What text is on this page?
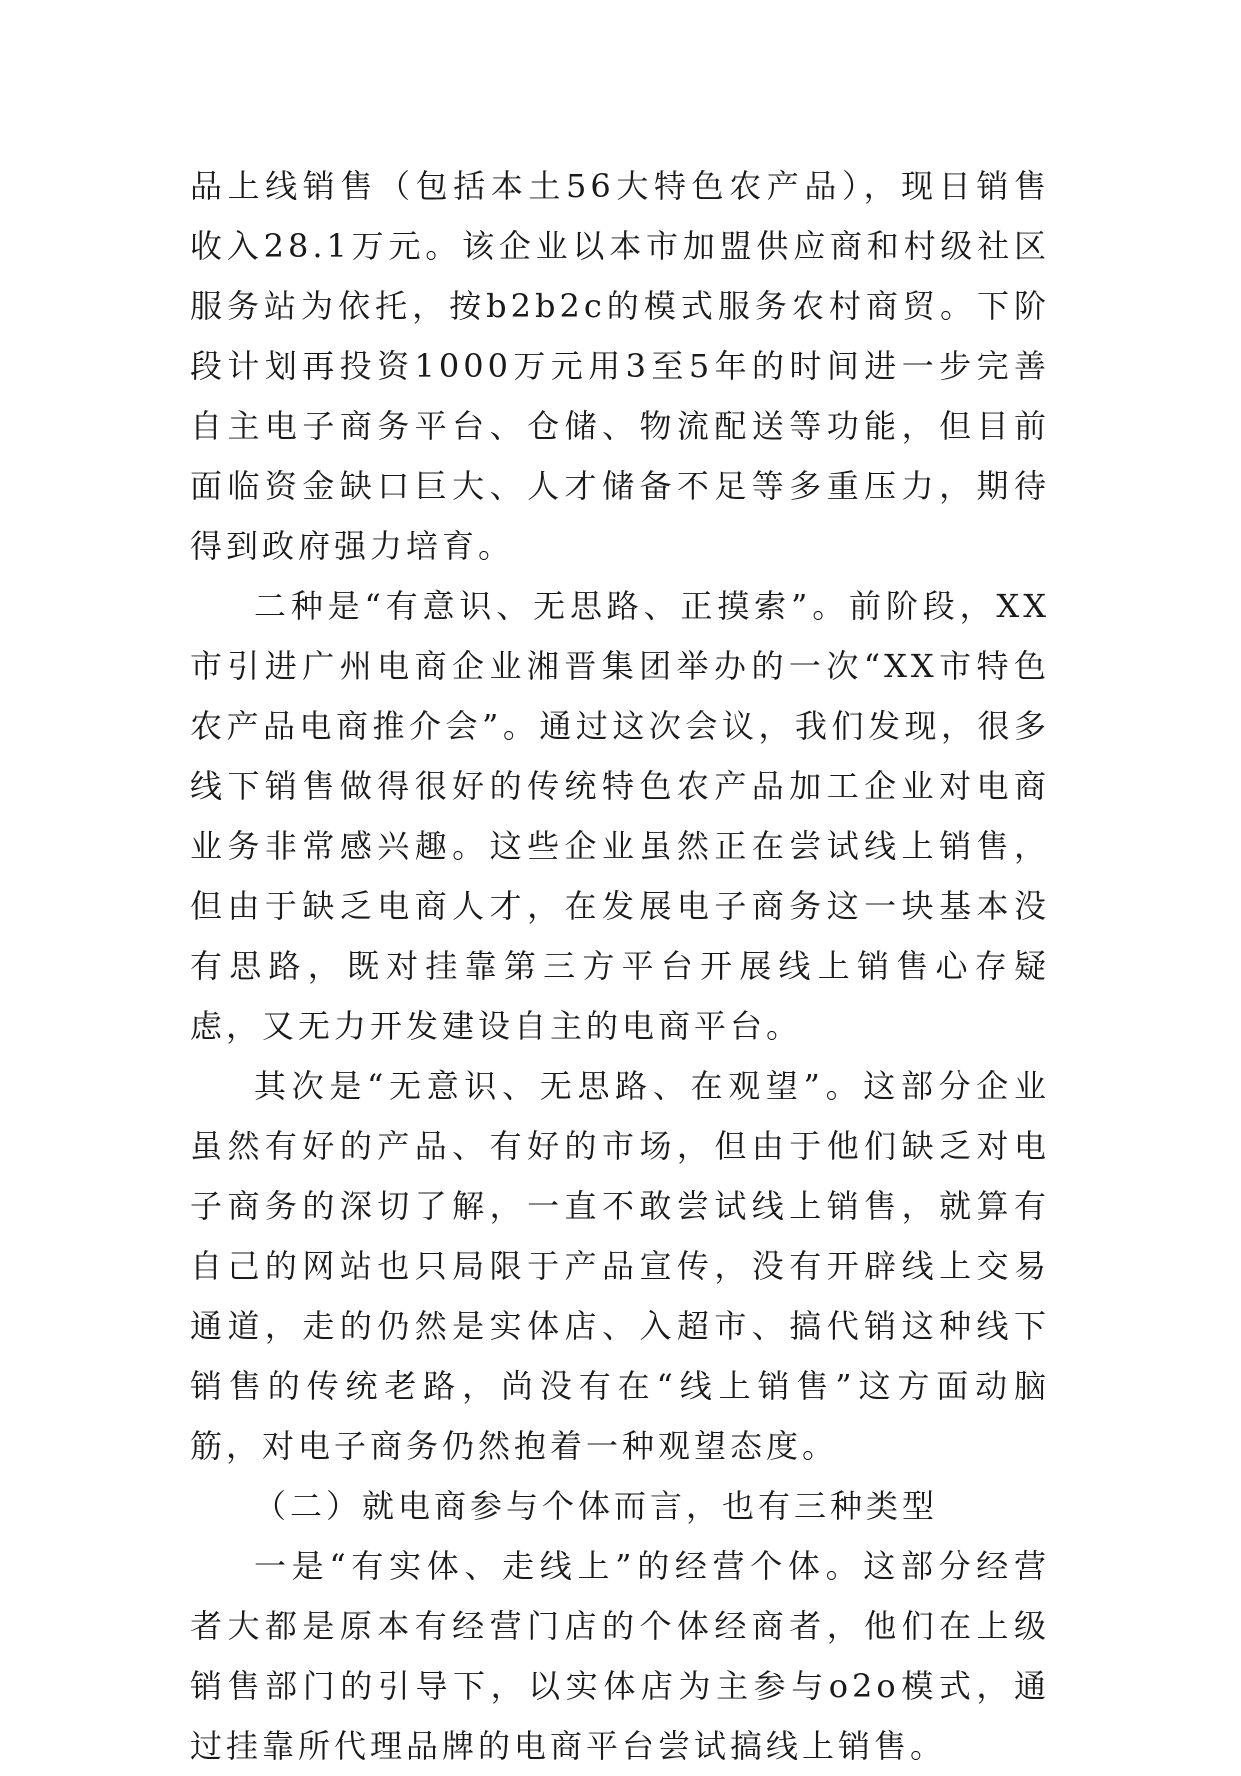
品上线销售（包括本土56大特色农产品），现日销售收入28.1万元。该企业以本市加盟供应商和村级社区服务站为依托，按b2b2c的模式服务农村商贸。下阶段计划再投资1000万元用3至5年的时间进一步完善自主电子商务平台、仓储、物流配送等功能，但目前面临资金缺口巨大、人才储备不足等多重压力，期待得到政府强力培育。

二种是“有意识、无思路、正摸索”。前阶段，XX市引进广州电商企业湘晋集团举办的一次“XX市特色农产品电商推介会”。通过这次会议，我们发现，很多线下销售做得很好的传统特色农产品加工企业对电商业务非常感兴趣。这些企业虽然正在尝试线上销售，但由于缺乏电商人才，在发展电子商务这一块基本没有思路，既对挂靠第三方平台开展线上销售心存疑虑，又无力开发建设自主的电商平台。

其次是“无意识、无思路、在观望”。这部分企业虽然有好的产品、有好的市场，但由于他们缺乏对电子商务的深切了解，一直不敢尝试线上销售，就算有自己的网站也只局限于产品宣传，没有开辟线上交易通道，走的仍然是实体店、入超市、搞代销这种线下销售的传统老路，尚没有在“线上销售”这方面动脑筋，对电子商务仍然抱着一种观望态度。

（二）就电商参与个体而言，也有三种类型

一是“有实体、走线上”的经营个体。这部分经营者大都是原本有经营门店的个体经商者，他们在上级销售部门的引导下，以实体店为主参与o2o模式，通过挂靠所代理品牌的电商平台尝试搞线上销售。
